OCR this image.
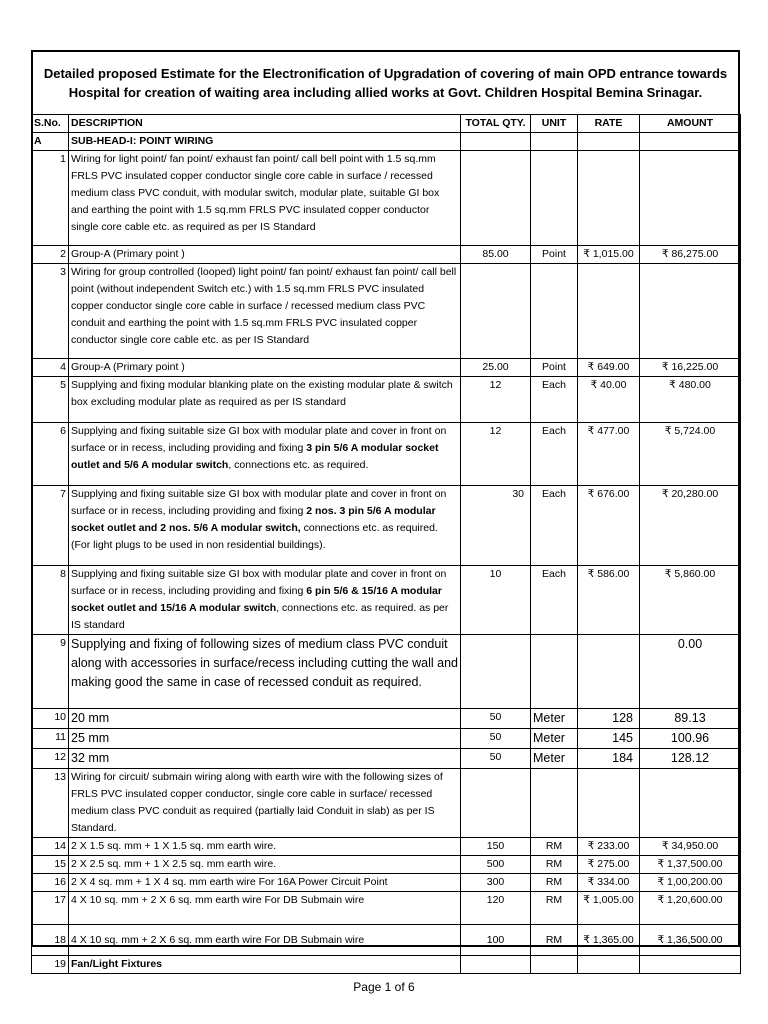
Detailed proposed Estimate for the Electronification of Upgradation of covering of main OPD entrance towards Hospital for creation of waiting area including allied works at Govt. Children Hospital Bemina Srinagar.
S.No.	DESCRIPTION	TOTAL QTY.	UNIT	RATE	AMOUNT
A	SUB-HEAD-I: POINT WIRING				
1	Wiring for light point/ fan point/ exhaust fan point/ call bell point with 1.5 sq.mm FRLS PVC insulated copper conductor single core cable in surface / recessed medium class PVC conduit, with modular switch, modular plate, suitable GI box and earthing the point with 1.5 sq.mm FRLS PVC insulated copper conductor single core cable etc. as required as per IS Standard				
2	Group-A (Primary point )	85.00	Point	₹ 1,015.00	₹ 86,275.00
3	Wiring for group controlled (looped) light point/ fan point/ exhaust fan point/ call bell point (without independent Switch etc.) with 1.5 sq.mm FRLS PVC insulated copper conductor single core cable in surface / recessed medium class PVC conduit and earthing the point with 1.5 sq.mm FRLS PVC insulated copper conductor single core cable etc. as per IS Standard				
4	Group-A (Primary point )	25.00	Point	₹ 649.00	₹ 16,225.00
5	Supplying and fixing modular blanking plate on the existing modular plate & switch box excluding modular plate as required as per IS standard	12	Each	₹ 40.00	₹ 480.00
6	Supplying and fixing suitable size GI box with modular plate and cover in front on surface or in recess, including providing and fixing 3 pin 5/6 A modular socket outlet and 5/6 A modular switch, connections etc. as required.	12	Each	₹ 477.00	₹ 5,724.00
7	Supplying and fixing suitable size GI box with modular plate and cover in front on surface or in recess, including providing and fixing 2 nos. 3 pin 5/6 A modular socket outlet and 2 nos. 5/6 A modular switch, connections etc. as required. (For light plugs to be used in non residential buildings).	30	Each	₹ 676.00	₹ 20,280.00
8	Supplying and fixing suitable size GI box with modular plate and cover in front on surface or in recess, including providing and fixing 6 pin 5/6 & 15/16 A modular socket outlet and 15/16 A modular switch, connections etc. as required. as per IS standard	10	Each	₹ 586.00	₹ 5,860.00
9	Supplying and fixing of following sizes of medium class PVC conduit along with accessories in surface/recess including cutting the wall and making good the same in case of recessed conduit as required.				0.00
10	20 mm	50	Meter	128	89.13
11	25 mm	50	Meter	145	100.96
12	32 mm	50	Meter	184	128.12
13	Wiring for circuit/ submain wiring along with earth wire with the following sizes of FRLS PVC insulated copper conductor, single core cable in surface/ recessed medium class PVC conduit as required (partially laid Conduit in slab) as per IS Standard.				
14	2 X 1.5 sq. mm + 1 X 1.5 sq. mm earth wire.	150	RM	₹ 233.00	₹ 34,950.00
15	2 X 2.5 sq. mm + 1 X 2.5 sq. mm earth wire.	500	RM	₹ 275.00	₹ 1,37,500.00
16	2 X 4 sq. mm + 1 X 4 sq. mm earth wire For 16A Power Circuit Point	300	RM	₹ 334.00	₹ 1,00,200.00
17	4 X 10 sq. mm + 2 X 6 sq. mm earth wire For DB Submain wire	120	RM	₹ 1,005.00	₹ 1,20,600.00
18	4 X 10 sq. mm + 2 X 6 sq. mm earth wire For DB Submain wire	100	RM	₹ 1,365.00	₹ 1,36,500.00
19	Fan/Light Fixtures				
Page 1 of 6
